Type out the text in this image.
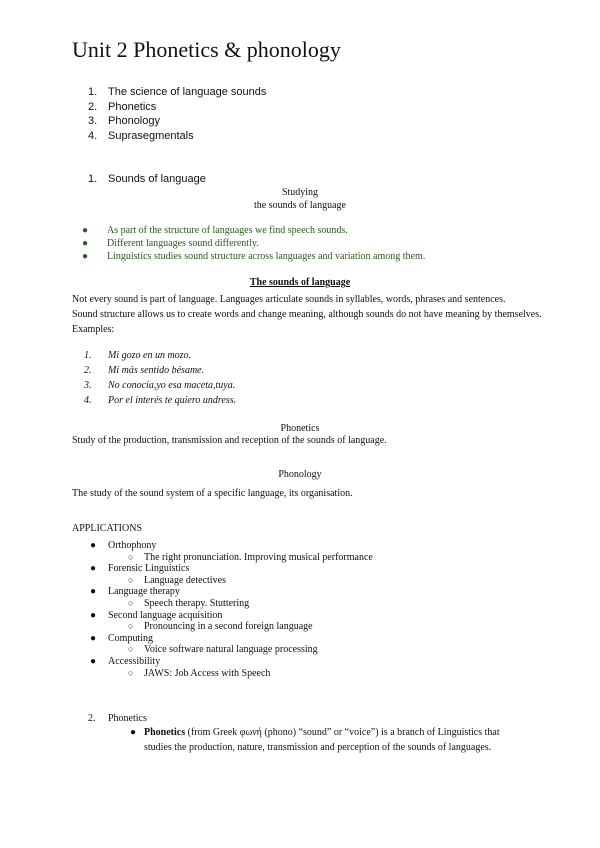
Unit 2 Phonetics & phonology
1. The science of language sounds
2. Phonetics
3. Phonology
4. Suprasegmentals
1. Sounds of language
Studying
the sounds of language
● As part of the structure of languages we find speech sounds.
● Different languages sound differently.
● Linguistics studies sound structure across languages and variation among them.
The sounds of language
Not every sound is part of language. Languages articulate sounds in syllables, words, phrases and sentences.
Sound structure allows us to create words and change meaning, although sounds do not have meaning by themselves. Examples:
1. Mi gozo en un mozo.
2. Mi más sentido bésame.
3. No conocía,yo esa maceta,tuya.
4. Por el interés te quiero undress.
Phonetics
Study of the production, transmission and reception of the sounds of language.
Phonology
The study of the sound system of a specific language, its organisation.
APPLICATIONS
● Orthophony
○ The right pronunciation. Improving musical performance
● Forensic Linguistics
○ Language detectives
● Language therapy
○ Speech therapy. Stuttering
● Second language acquisition
○ Pronouncing in a second foreign language
● Computing
○ Voice software natural language processing
● Accessibility
○ JAWS: Job Access with Speech
2. Phonetics
● Phonetics (from Greek φωνή (phono) “sound” or “voice”) is a branch of Linguistics that studies the production, nature, transmission and perception of the sounds of languages.
